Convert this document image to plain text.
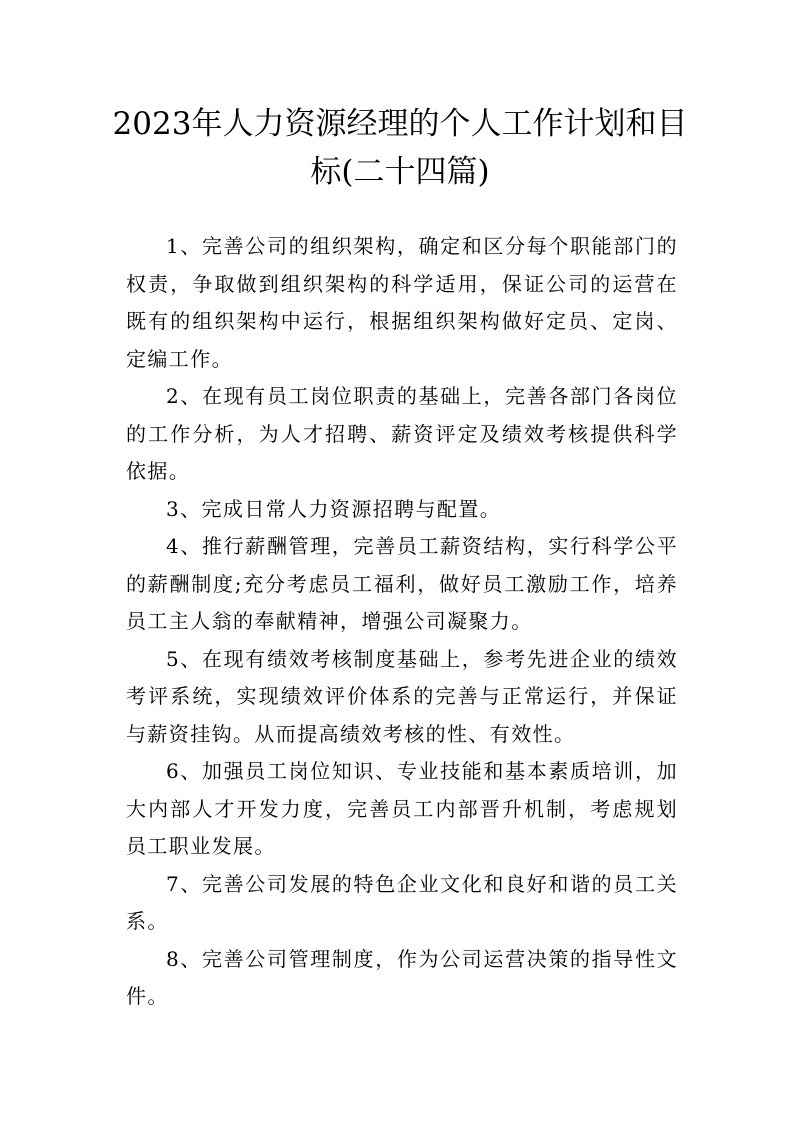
2023年人力资源经理的个人工作计划和目标(二十四篇)

1、完善公司的组织架构，确定和区分每个职能部门的权责，争取做到组织架构的科学适用，保证公司的运营在既有的组织架构中运行，根据组织架构做好定员、定岗、定编工作。

2、在现有员工岗位职责的基础上，完善各部门各岗位的工作分析，为人才招聘、薪资评定及绩效考核提供科学依据。

3、完成日常人力资源招聘与配置。

4、推行薪酬管理，完善员工薪资结构，实行科学公平的薪酬制度;充分考虑员工福利，做好员工激励工作，培养员工主人翁的奉献精神，增强公司凝聚力。

5、在现有绩效考核制度基础上，参考先进企业的绩效考评系统，实现绩效评价体系的完善与正常运行，并保证与薪资挂钩。从而提高绩效考核的性、有效性。

6、加强员工岗位知识、专业技能和基本素质培训，加大内部人才开发力度，完善员工内部晋升机制，考虑规划员工职业发展。

7、完善公司发展的特色企业文化和良好和谐的员工关系。

8、完善公司管理制度，作为公司运营决策的指导性文件。
